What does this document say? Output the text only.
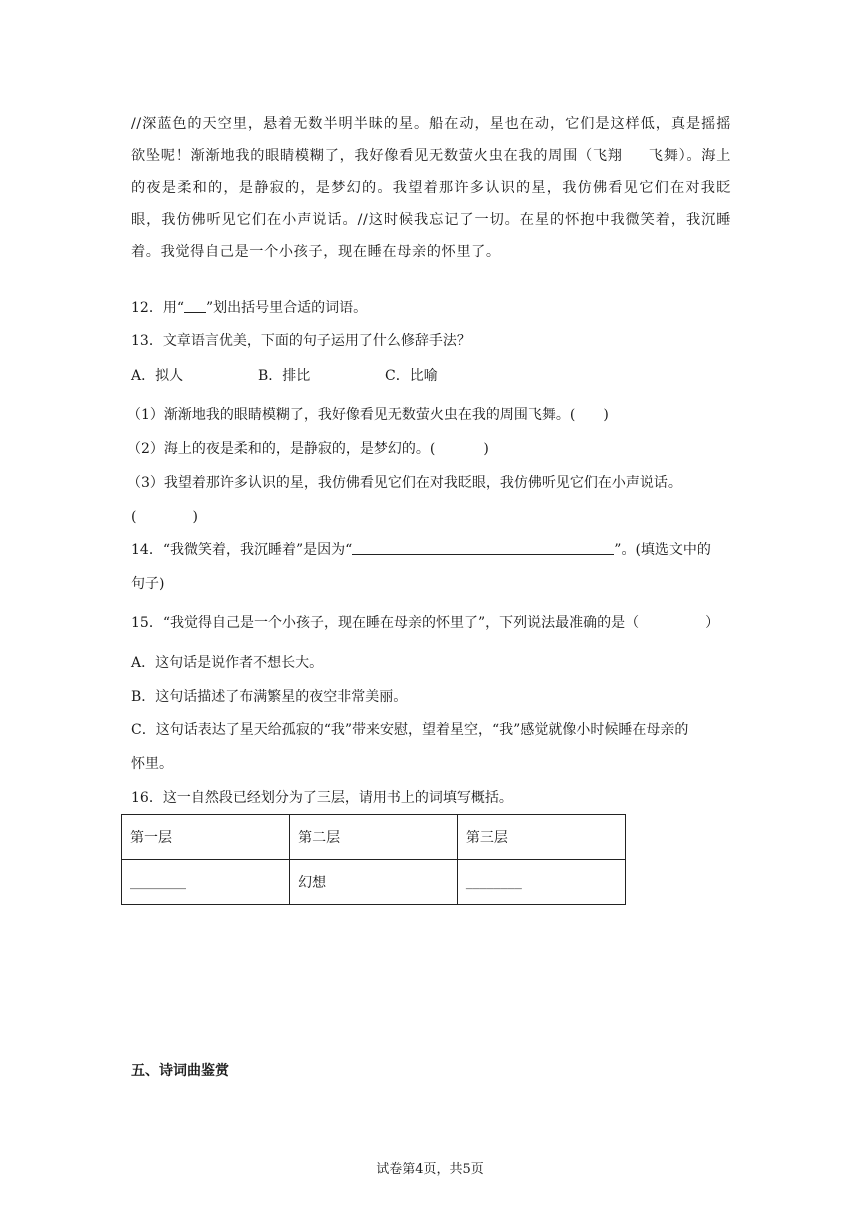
//深蓝色的天空里，悬着无数半明半昧的星。船在动，星也在动，它们是这样低，真是摇摇欲坠呢！渐渐地我的眼睛模糊了，我好像看见无数萤火虫在我的周围（飞翔 飞舞）。海上的夜是柔和的，是静寂的，是梦幻的。我望着那许多认识的星，我仿佛看见它们在对我眨眼，我仿佛听见它们在小声说话。//这时候我忘记了一切。在星的怀抱中我微笑着，我沉睡着。我觉得自己是一个小孩子，现在睡在母亲的怀里了。

12．用“ ”划出括号里合适的词语。
13．文章语言优美，下面的句子运用了什么修辞手法？
A．拟人	B．排比	C．比喻
（1）渐渐地我的眼睛模糊了，我好像看见无数萤火虫在我的周围飞舞。( )
（2）海上的夜是柔和的，是静寂的，是梦幻的。(	)
（3）我望着那许多认识的星，我仿佛看见它们在对我眨眼，我仿佛听见它们在小声说话。
(	)
14．“我微笑着，我沉睡着”是因为“	”。(填选文中的
句子)
15．“我觉得自己是一个小孩子，现在睡在母亲的怀里了”，下列说法最准确的是（	）
A．这句话是说作者不想长大。
B．这句话描述了布满繁星的夜空非常美丽。
C．这句话表达了星天给孤寂的“我”带来安慰，望着星空，“我”感觉就像小时候睡在母亲的
怀里。
16．这一自然段已经划分为了三层，请用书上的词填写概括。
第一层	第二层	第三层
________	幻想	________
五、诗词曲鉴赏
试卷第4页，共5页
